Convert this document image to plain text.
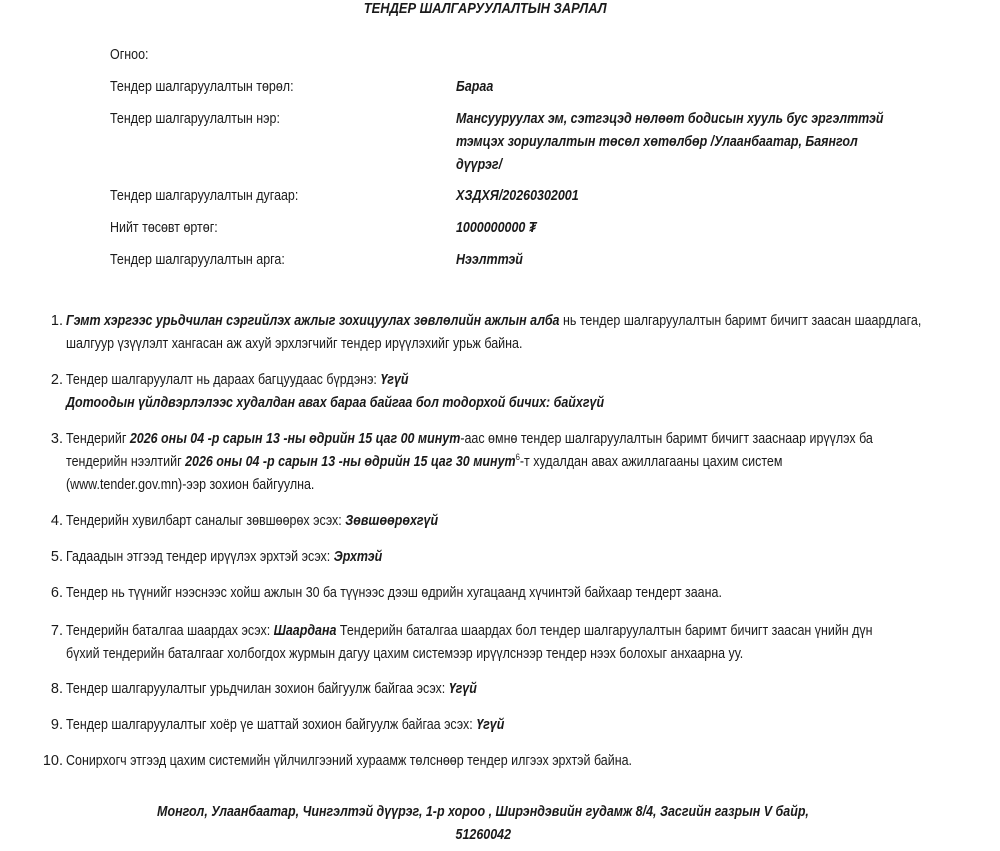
ТЕНДЕР ШАЛГАРУУЛАЛТЫН ЗАРЛАЛ
Огноо:
Тендер шалгаруулалтын төрөл:	Бараа
Тендер шалгаруулалтын нэр:	Мансууруулах эм, сэтгэцэд нөлөөт бодисын хууль бус эргэлттэй
тэмцэх зориулалтын төсөл хөтөлбөр /Улаанбаатар, Баянгол
дүүрэг/
Тендер шалгаруулалтын дугаар:	ХЗДХЯ/20260302001
Нийт төсөвт өртөг:	1000000000 ₮
Тендер шалгаруулалтын арга:	Нээлттэй
1. Гэмт хэргээс урьдчилан сэргийлэх ажлыг зохицуулах зөвлөлийн ажлын алба нь тендер шалгаруулалтын баримт бичигт заасан шаардлага,
шалгуур үзүүлэлт хангасан аж ахуй эрхлэгчийг тендер ирүүлэхийг урьж байна.
2. Тендер шалгаруулалт нь дараах багцуудаас бүрдэнэ: Үгүй
Дотоодын үйлдвэрлэлээс худалдан авах бараа байгаа бол тодорхой бичих: байхгүй
3. Тендерийг 2026 оны 04 -р сарын 13 -ны өдрийн 15 цаг 00 минут-аас өмнө тендер шалгаруулалтын баримт бичигт зааснаар ирүүлэх ба
тендерийн нээлтийг 2026 оны 04 -р сарын 13 -ны өдрийн 15 цаг 30 минут$^6$-т худалдан авах ажиллагааны цахим систем
(www.tender.gov.mn)-ээр зохион байгуулна.
4. Тендерийн хувилбарт саналыг зөвшөөрөх эсэх: Зөвшөөрөхгүй
5. Гадаадын этгээд тендер ирүүлэх эрхтэй эсэх: Эрхтэй
6. Тендер нь түүнийг нээснээс хойш ажлын 30 ба түүнээс дээш өдрийн хугацаанд хүчинтэй байхаар тендерт заана.
7. Тендерийн баталгаа шаардах эсэх: Шаардана Тендерийн баталгаа шаардах бол тендер шалгаруулалтын баримт бичигт заасан үнийн дүн
бүхий тендерийн баталгааг холбогдох журмын дагуу цахим системээр ирүүлснээр тендер нээх болохыг анхаарна уу.
8. Тендер шалгаруулалтыг урьдчилан зохион байгуулж байгаа эсэх: Үгүй
9. Тендер шалгаруулалтыг хоёр үе шаттай зохион байгуулж байгаа эсэх: Үгүй
10. Сонирхогч этгээд цахим системийн үйлчилгээний хураамж төлснөөр тендер илгээх эрхтэй байна.
Монгол, Улаанбаатар, Чингэлтэй дүүрэг, 1-р хороо , Ширэндэвийн гудамж 8/4, Засгийн газрын V байр,
51260042
